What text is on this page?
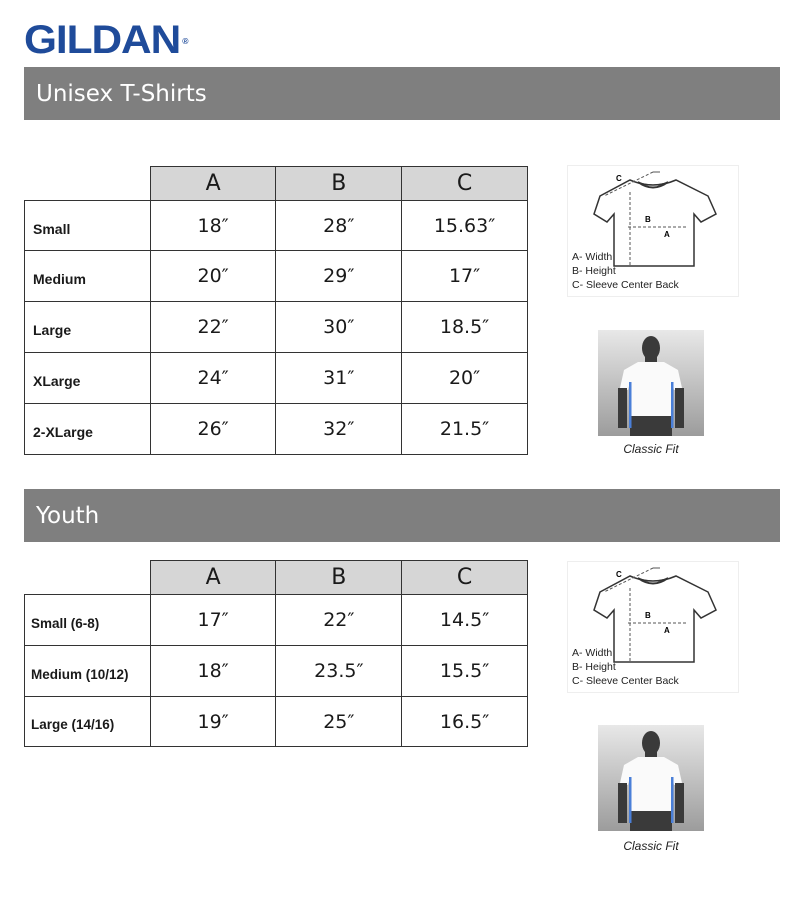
GILDAN ®
Unisex T-Shirts
	A	B	C
Small	18″	28″	15.63″
Medium	20″	29″	17″
Large	22″	30″	18.5″
XLarge	24″	31″	20″
2-XLarge	26″	32″	21.5″
C
B
A
A- Width
B- Height
C- Sleeve Center Back
Classic Fit
Youth
	A	B	C
Small (6-8)	17″	22″	14.5″
Medium (10/12)	18″	23.5″	15.5″
Large (14/16)	19″	25″	16.5″
C
B
A
A- Width
B- Height
C- Sleeve Center Back
Classic Fit
